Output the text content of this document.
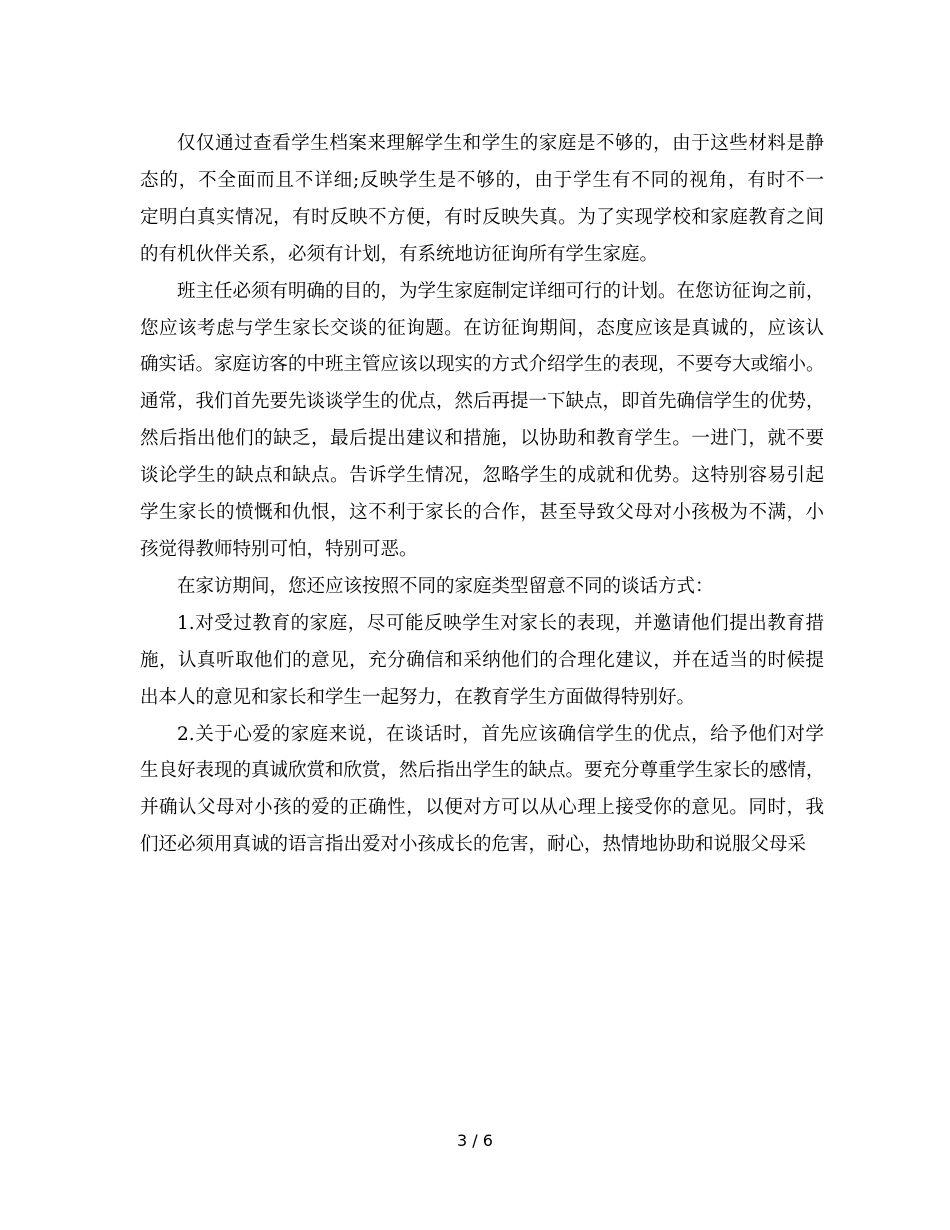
仅仅通过查看学生档案来理解学生和学生的家庭是不够的，由于这些材料是静
态的，不全面而且不详细;反映学生是不够的，由于学生有不同的视角，有时不一
定明白真实情况，有时反映不方便，有时反映失真。为了实现学校和家庭教育之间
的有机伙伴关系，必须有计划，有系统地访征询所有学生家庭。

班主任必须有明确的目的，为学生家庭制定详细可行的计划。在您访征询之前，
您应该考虑与学生家长交谈的征询题。在访征询期间，态度应该是真诚的，应该认
确实话。家庭访客的中班主管应该以现实的方式介绍学生的表现，不要夸大或缩小。
通常，我们首先要先谈谈学生的优点，然后再提一下缺点，即首先确信学生的优势，
然后指出他们的缺乏，最后提出建议和措施，以协助和教育学生。一进门，就不要
谈论学生的缺点和缺点。告诉学生情况，忽略学生的成就和优势。这特别容易引起
学生家长的愤慨和仇恨，这不利于家长的合作，甚至导致父母对小孩极为不满，小
孩觉得教师特别可怕，特别可恶。

在家访期间，您还应该按照不同的家庭类型留意不同的谈话方式：

1.对受过教育的家庭，尽可能反映学生对家长的表现，并邀请他们提出教育措
施，认真听取他们的意见，充分确信和采纳他们的合理化建议，并在适当的时候提
出本人的意见和家长和学生一起努力，在教育学生方面做得特别好。

2.关于心爱的家庭来说，在谈话时，首先应该确信学生的优点，给予他们对学
生良好表现的真诚欣赏和欣赏，然后指出学生的缺点。要充分尊重学生家长的感情，
并确认父母对小孩的爱的正确性，以便对方可以从心理上接受你的意见。同时，我
们还必须用真诚的语言指出爱对小孩成长的危害，耐心，热情地协助和说服父母采

3 / 6
